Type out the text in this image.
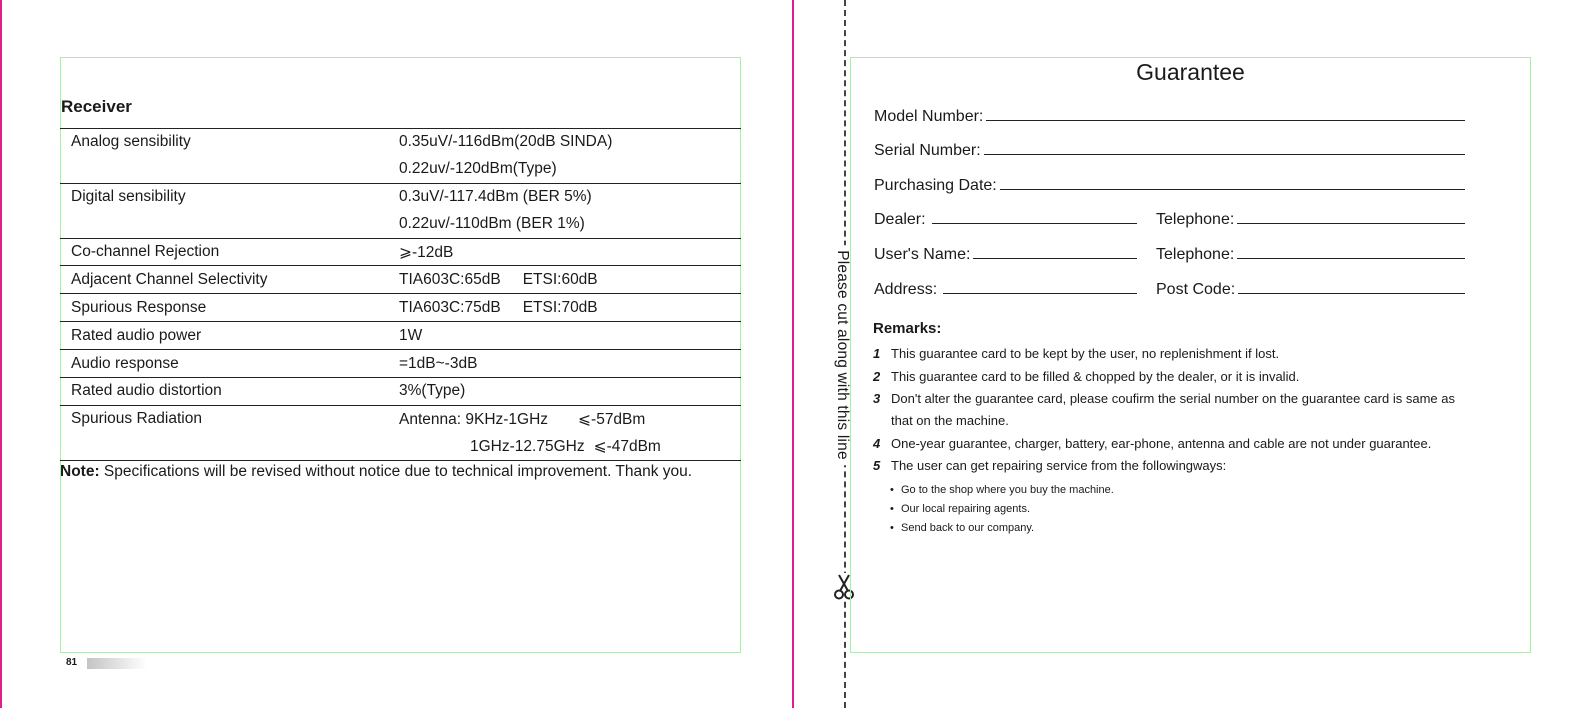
Receiver
Analog sensibility	0.35uV/-116dBm(20dB SINDA)
	0.22uv/-120dBm(Type)
Digital sensibility	0.3uV/-117.4dBm (BER 5%)
	0.22uv/-110dBm (BER 1%)
Co-channel Rejection	⩾-12dB
Adjacent Channel Selectivity	TIA603C:65dB ETSI:60dB
Spurious Response	TIA603C:75dB ETSI:70dB
Rated audio power	1W
Audio response	=1dB~-3dB
Rated audio distortion	3%(Type)
Spurious Radiation	Antenna: 9KHz-1GHz ⩽-57dBm
	1GHz-12.75GHz ⩽-47dBm
Note: Specifications will be revised without notice due to technical improvement. Thank you.
81
Please cut along with this line
Guarantee
Model Number:
Serial Number:
Purchasing Date:
Dealer:	Telephone:
User's Name:	Telephone:
Address:	Post Code:
Remarks:
1 This guarantee card to be kept by the user, no replenishment if lost.
2 This guarantee card to be filled & chopped by the dealer, or it is invalid.
3 Don't alter the guarantee card, please coufirm the serial number on the guarantee card is same as
that on the machine.
4 One-year guarantee, charger, battery, ear-phone, antenna and cable are not under guarantee.
5 The user can get repairing service from the followingways:
• Go to the shop where you buy the machine.
• Our local repairing agents.
• Send back to our company.
